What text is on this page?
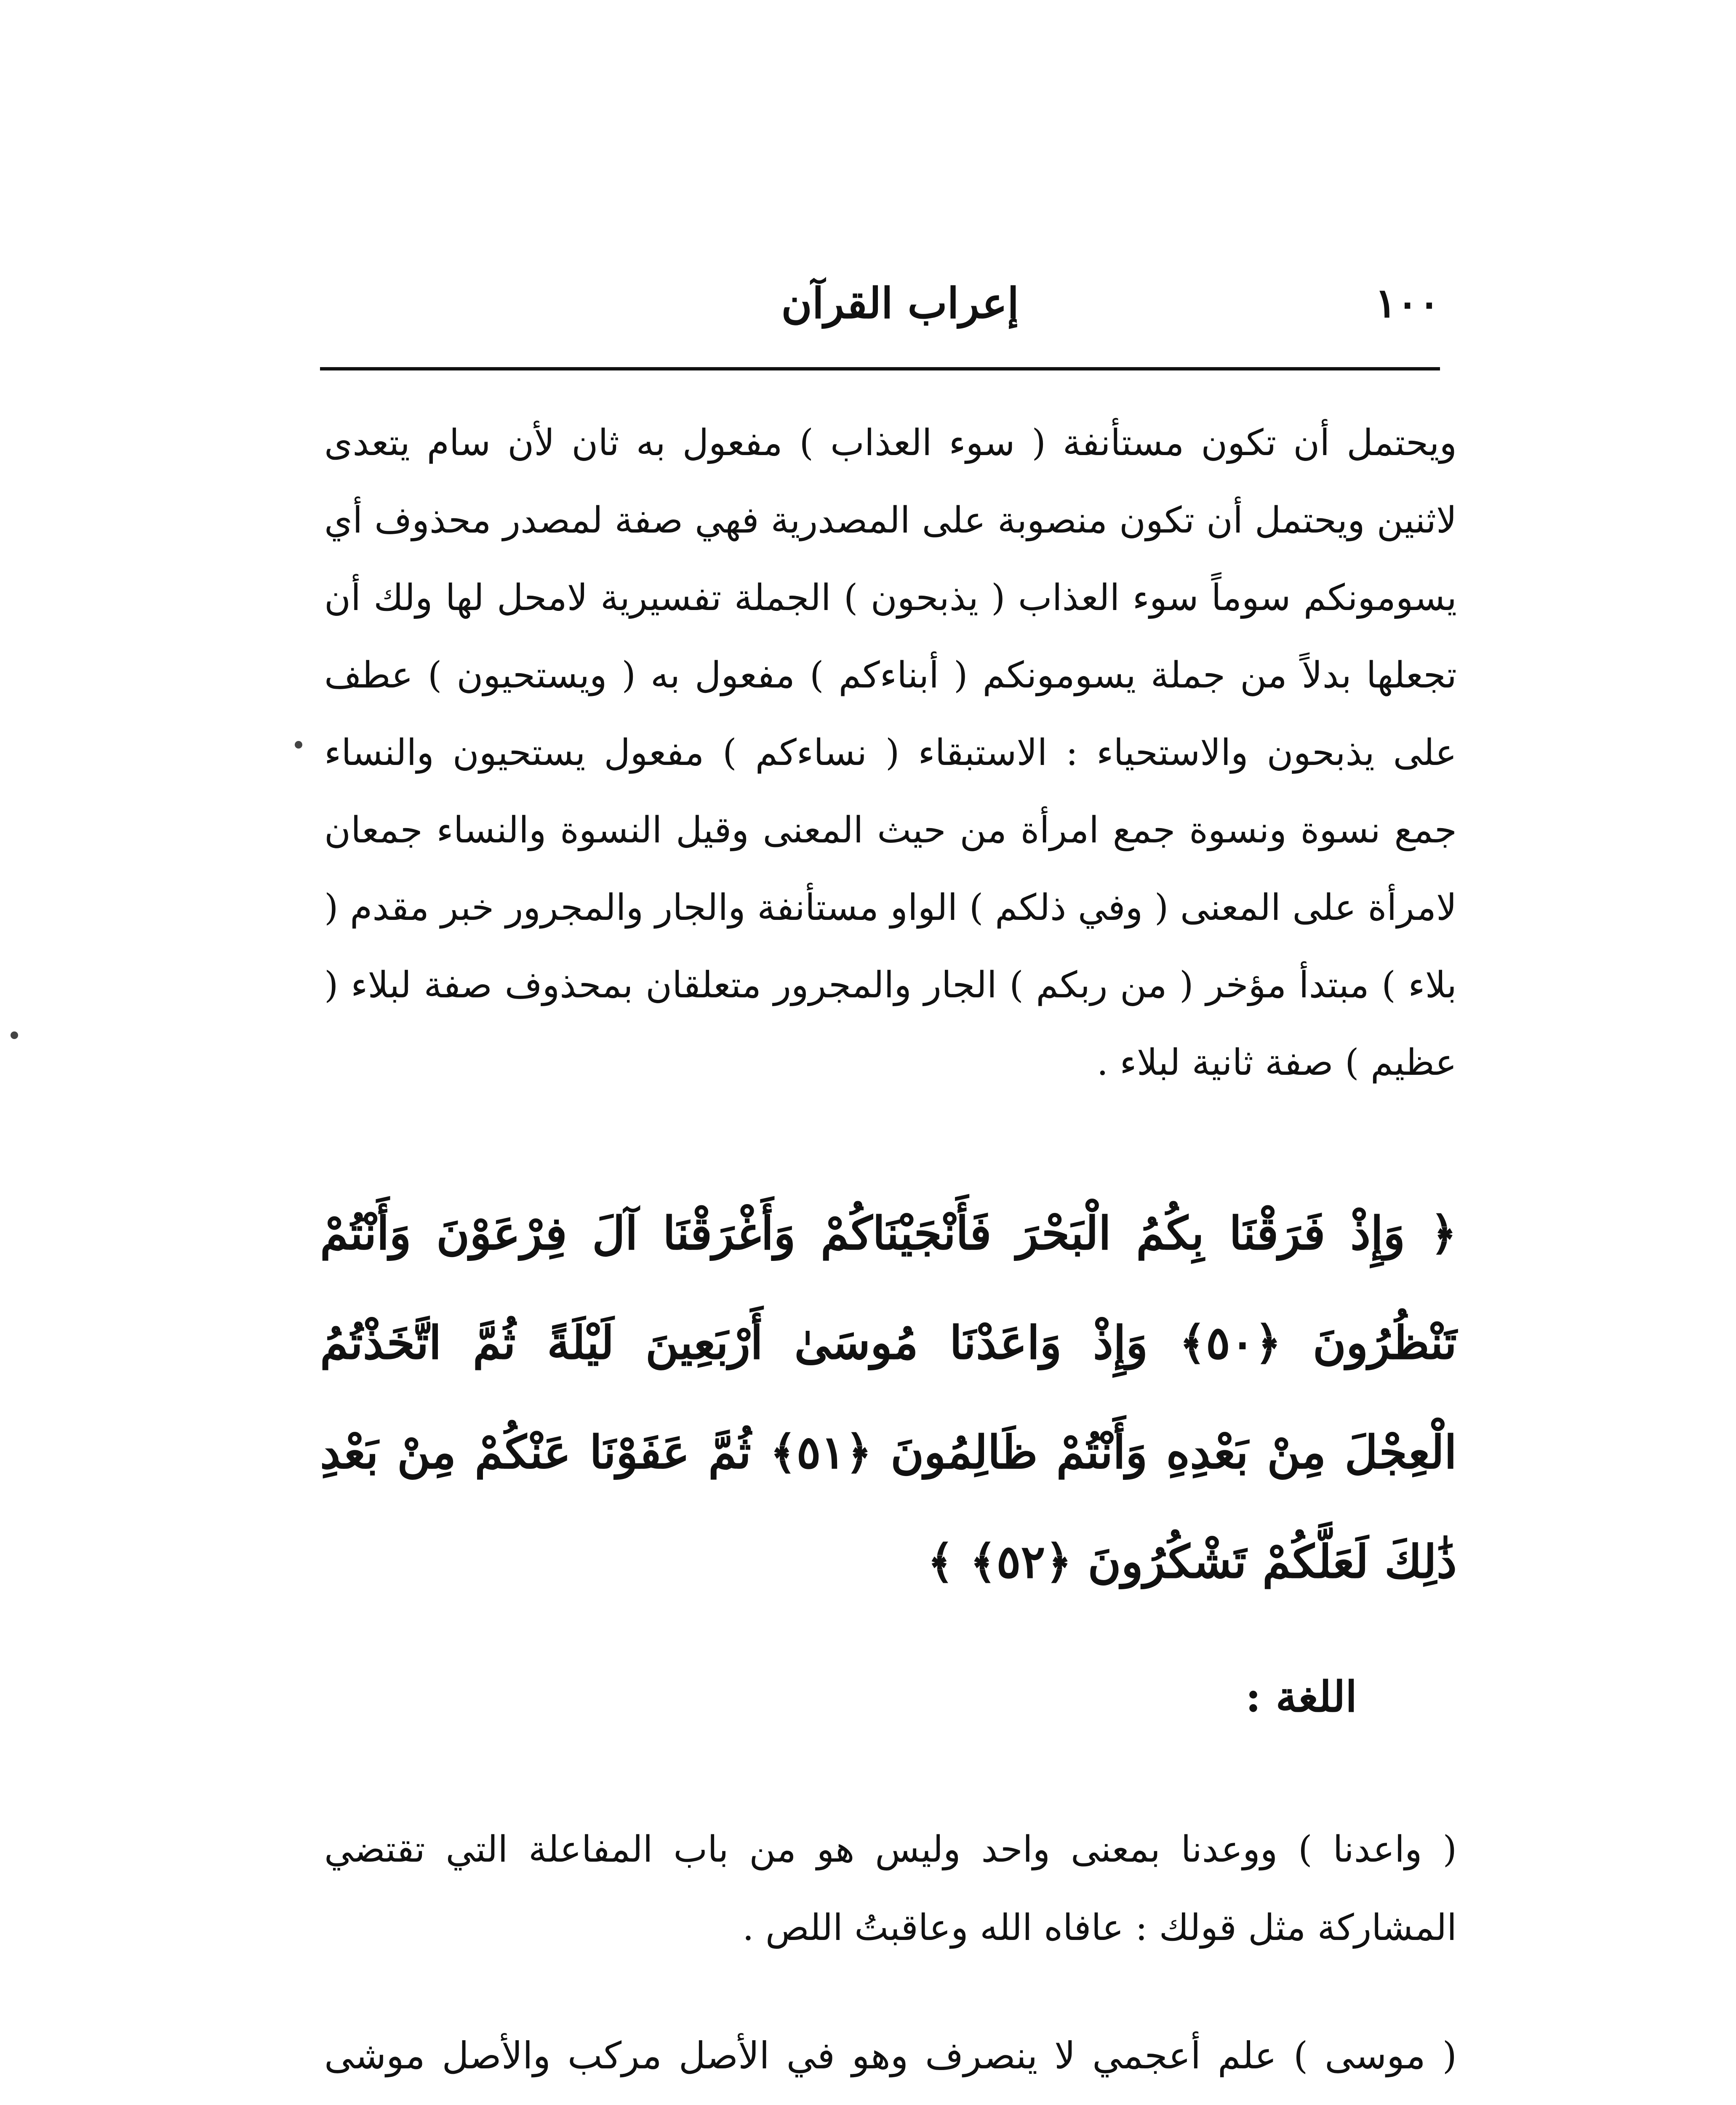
١٠٠
إعراب القرآن
ويحتمل أن تكون مستأنفة ( سوء العذاب ) مفعول به ثان لأن سام يتعدى لاثنين ويحتمل أن تكون منصوبة على المصدرية فهي صفة لمصدر محذوف أي يسومونكم سوماً سوء العذاب ( يذبحون ) الجملة تفسيرية لامحل لها ولك أن تجعلها بدلاً من جملة يسومونكم ( أبناءكم ) مفعول به ( ويستحيون ) عطف على يذبحون والاستحياء : الاستبقاء ( نساءكم ) مفعول يستحيون والنساء جمع نسوة ونسوة جمع امرأة من حيث المعنى وقيل النسوة والنساء جمعان لامرأة على المعنى ( وفي ذلكم ) الواو مستأنفة والجار والمجرور خبر مقدم ( بلاء ) مبتدأ مؤخر ( من ربكم ) الجار والمجرور متعلقان بمحذوف صفة لبلاء ( عظيم ) صفة ثانية لبلاء .
﴿ وَإِذْ فَرَقْنَا بِكُمُ الْبَحْرَ فَأَنْجَيْنَاكُمْ وَأَغْرَقْنَا آلَ فِرْعَوْنَ وَأَنْتُمْ تَنْظُرُونَ ﴿٥٠﴾ وَإِذْ وَاعَدْنَا مُوسَىٰ أَرْبَعِينَ لَيْلَةً ثُمَّ اتَّخَذْتُمُ الْعِجْلَ مِنْ بَعْدِهِ وَأَنْتُمْ ظَالِمُونَ ﴿٥١﴾ ثُمَّ عَفَوْنَا عَنْكُمْ مِنْ بَعْدِ ذَٰلِكَ لَعَلَّكُمْ تَشْكُرُونَ ﴿٥٢﴾ ﴾
اللغة :
( واعدنا ) ووعدنا بمعنى واحد وليس هو من باب المفاعلة التي تقتضي المشاركة مثل قولك : عافاه الله وعاقبتُ اللص .
( موسى ) علم أعجمي لا ينصرف وهو في الأصل مركب والأصل موشى
